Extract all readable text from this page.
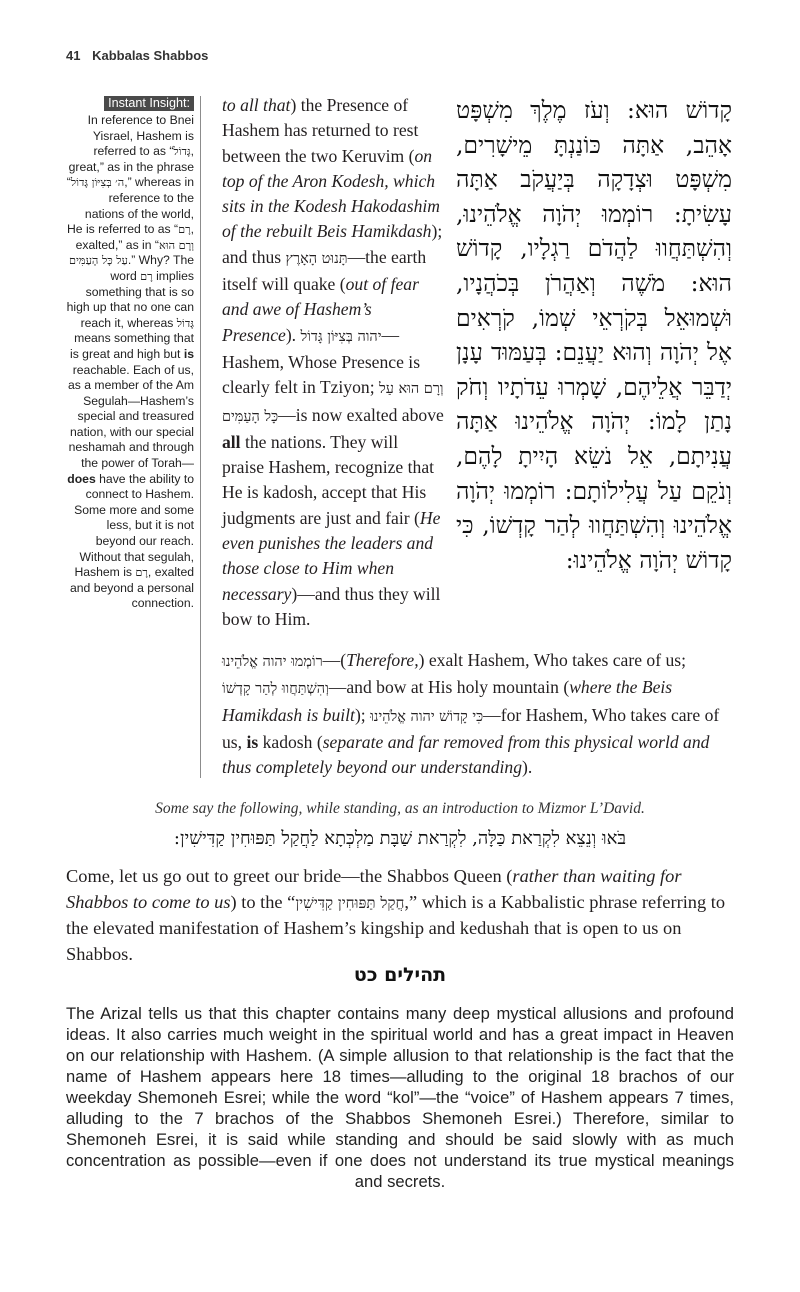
41 Kabbalas Shabbos
Instant Insight:
In reference to Bnei Yisrael, Hashem is referred to as “גָּדוֹל, great,” as in the phrase “ה׳ בְּצִיּוֹן גָּדוֹל,” whereas in reference to the nations of the world, He is referred to as “רָם, exalted,” as in “וְרָם הוּא עַל כָּל הָעַמִּים.” Why? The word רָם implies something that is so high up that no one can reach it, whereas גָּדוֹל means something that is great and high but is reachable. Each of us, as a member of the Am Segulah—Hashem’s special and treasured nation, with our special neshamah and through the power of Torah—does have the ability to connect to Hashem. Some more and some less, but it is not beyond our reach. Without that segulah, Hashem is רָם, exalted and beyond a personal connection.
קָדוֹשׁ הוּא: וְעֹז מֶלֶךְ מִשְׁפָּט אָהֵב, אַתָּה כּוֹנַנְתָּ מֵישָׁרִים, מִשְׁפָּט וּצְדָקָה בְּיַעֲקֹב אַתָּה עָשִׂיתָ: רוֹמְמוּ יְהֹוָה אֱלֹהֵינוּ, וְהִשְׁתַּחֲווּ לַהֲדֹם רַגְלָיו, קָדוֹשׁ הוּא: מֹשֶׁה וְאַהֲרֹן בְּכֹהֲנָיו, וּשְׁמוּאֵל בְּקֹרְאֵי שְׁמוֹ, קֹרְאִים אֶל יְהֹוָה וְהוּא יַעֲנֵם: בְּעַמּוּד עָנָן יְדַבֵּר אֲלֵיהֶם, שָׁמְרוּ עֵדֹתָיו וְחֹק נָתַן לָמוֹ: יְהֹוָה אֱלֹהֵינוּ אַתָּה עֲנִיתָם, אֵל נֹשֵׂא הָיִיתָ לָהֶם, וְנֹקֵם עַל עֲלִילוֹתָם: רוֹמְמוּ יְהֹוָה אֱלֹהֵינוּ וְהִשְׁתַּחֲווּ לְהַר קָדְשׁוֹ, כִּי קָדוֹשׁ יְהֹוָה אֱלֹהֵינוּ:
to all that) the Presence of Hashem has returned to rest between the two Keruvim (on top of the Aron Kodesh, which sits in the Kodesh Hakodashim of the rebuilt Beis Hamikdash); and thus תָּנוּט הָאָרֶץ—the earth itself will quake (out of fear and awe of Hashem’s Presence). יהוה בְּצִיּוֹן גָּדוֹל—Hashem, Whose Presence is clearly felt in Tziyon; וְרָם הוּא עַל כָּל הָעַמִּים—is now exalted above all the nations. They will praise Hashem, recognize that He is kadosh, accept that His judgments are just and fair (He even punishes the leaders and those close to Him when necessary)—and thus they will bow to Him.
רוֹמְמוּ יהוה אֱלֹהֵינוּ—(Therefore,) exalt Hashem, Who takes care of us; וְהִשְׁתַּחֲווּ לְהַר קָדְשׁוֹ—and bow at His holy mountain (where the Beis Hamikdash is built); כִּי קָדוֹשׁ יהוה אֱלֹהֵינוּ—for Hashem, Who takes care of us, is kadosh (separate and far removed from this physical world and thus completely beyond our understanding).
Some say the following, while standing, as an introduction to Mizmor L’David.
בֹּאוּ וְנֵצֵא לִקְרַאת כַּלָּה, לִקְרַאת שַׁבָּת מַלְכְּתָא לַחֲקַל תַּפּוּחִין קַדִּישִׁין:
Come, let us go out to greet our bride—the Shabbos Queen (rather than waiting for Shabbos to come to us) to the “חֲקַל תַּפּוּחִין קַדִּישִׁין,” which is a Kabbalistic phrase referring to the elevated manifestation of Hashem’s kingship and kedushah that is open to us on Shabbos.
תהילים כט
The Arizal tells us that this chapter contains many deep mystical allusions and profound ideas. It also carries much weight in the spiritual world and has a great impact in Heaven on our relationship with Hashem. (A simple allusion to that relationship is the fact that the name of Hashem appears here 18 times—alluding to the original 18 brachos of our weekday Shemoneh Esrei; while the word “kol”—the “voice” of Hashem appears 7 times, alluding to the 7 brachos of the Shabbos Shemoneh Esrei.) Therefore, similar to Shemoneh Esrei, it is said while standing and should be said slowly with as much concentration as possible—even if one does not understand its true mystical meanings and secrets.
